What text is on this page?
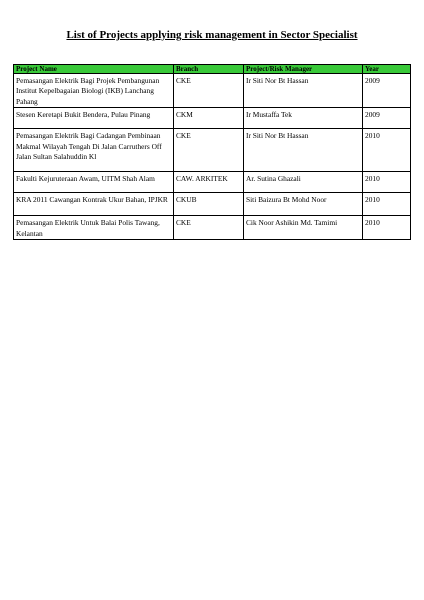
List of Projects applying risk management in Sector Specialist
Project Name	Branch	Project/Risk Manager	Year
Pemasangan Elektrik Bagi Projek Pembangunan Institut Kepelbagaian Biologi (IKB) Lanchang Pahang	CKE	Ir Siti Nor Bt Hassan	2009
Stesen Keretapi Bukit Bendera, Pulau Pinang	CKM	Ir Mustaffa Tek	2009
Pemasangan Elektrik Bagi Cadangan Pembinaan Makmal Wilayah Tengah Di Jalan Carruthers Off Jalan Sultan Salahuddin Kl	CKE	Ir Siti Nor Bt Hassan	2010
Fakulti Kejuruteraan Awam, UITM Shah Alam	CAW. ARKITEK	Ar. Sutina Ghazali	2010
KRA 2011 Cawangan Kontrak Ukur Bahan, IPJKR	CKUB	Siti Baizura Bt Mohd Noor	2010
Pemasangan Elektrik Untuk Balai Polis Tawang, Kelantan	CKE	Cik Noor Ashikin Md. Tamimi	2010
